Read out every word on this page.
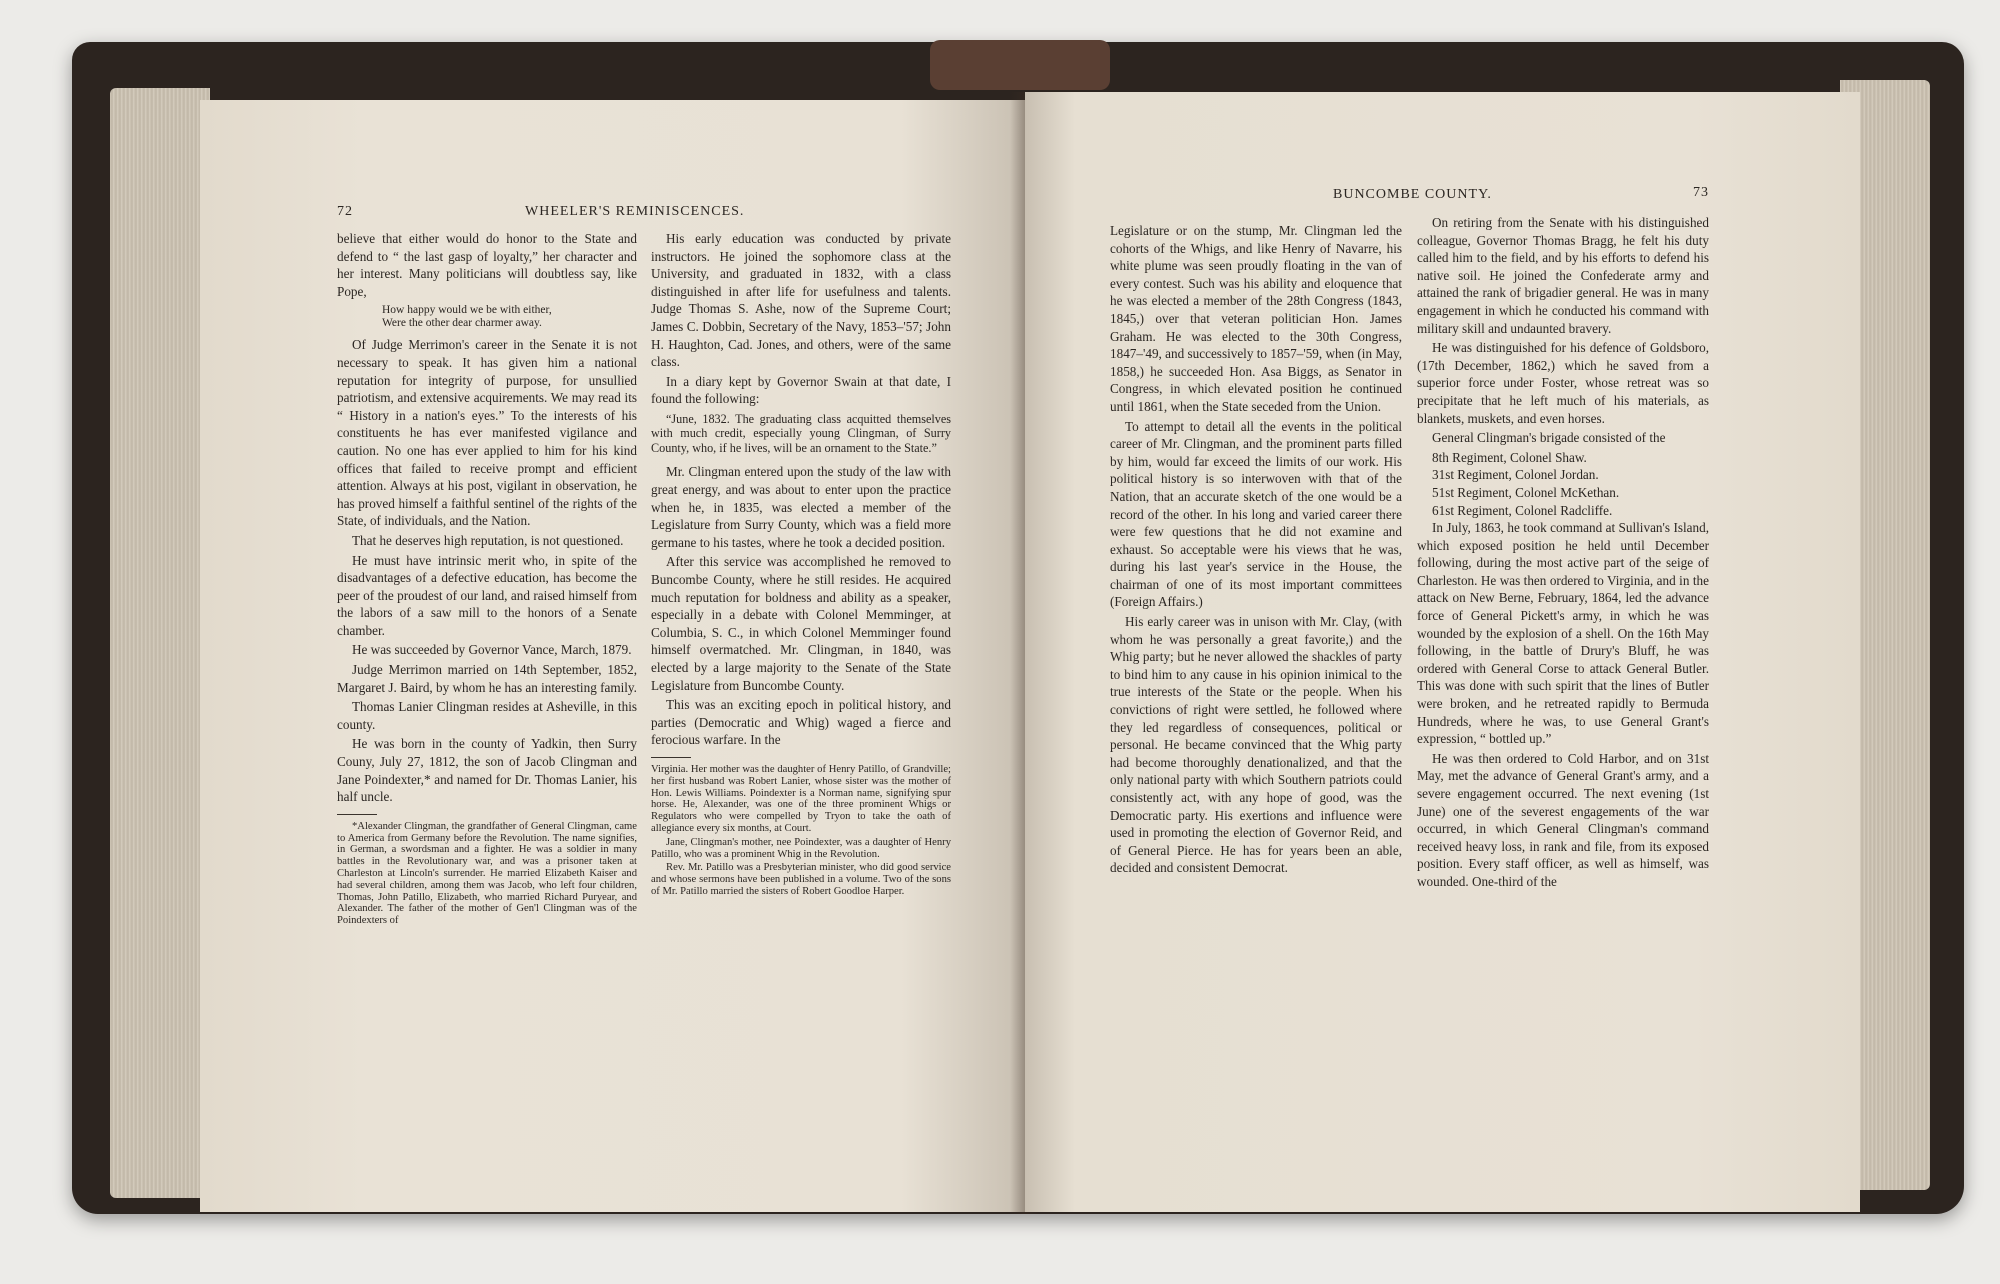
72	WHEELER'S REMINISCENCES.

believe that either would do honor to the State and defend to “ the last gasp of loyalty,” her character and her interest. Many politicians will doubtless say, like Pope,

How happy would we be with either,
Were the other dear charmer away.

Of Judge Merrimon's career in the Senate it is not necessary to speak. It has given him a national reputation for integrity of purpose, for unsullied patriotism, and extensive acquirements. We may read its “ History in a nation's eyes.” To the interests of his constituents he has ever manifested vigilance and caution. No one has ever applied to him for his kind offices that failed to receive prompt and efficient attention. Always at his post, vigilant in observation, he has proved himself a faithful sentinel of the rights of the State, of individuals, and the Nation.

That he deserves high reputation, is not questioned.

He must have intrinsic merit who, in spite of the disadvantages of a defective education, has become the peer of the proudest of our land, and raised himself from the labors of a saw mill to the honors of a Senate chamber.

He was succeeded by Governor Vance, March, 1879.

Judge Merrimon married on 14th September, 1852, Margaret J. Baird, by whom he has an interesting family.

Thomas Lanier Clingman resides at Asheville, in this county.

He was born in the county of Yadkin, then Surry Couny, July 27, 1812, the son of Jacob Clingman and Jane Poindexter,* and named for Dr. Thomas Lanier, his half uncle.

*Alexander Clingman, the grandfather of General Clingman, came to America from Germany before the Revolution. The name signifies, in German, a swordsman and a fighter. He was a soldier in many battles in the Revolutionary war, and was a prisoner taken at Charleston at Lincoln's surrender. He married Elizabeth Kaiser and had several children, among them was Jacob, who left four children, Thomas, John Patillo, Elizabeth, who married Richard Puryear, and Alexander. The father of the mother of Gen'l Clingman was of the Poindexters of

His early education was conducted by private instructors. He joined the sophomore class at the University, and graduated in 1832, with a class distinguished in after life for usefulness and talents. Judge Thomas S. Ashe, now of the Supreme Court; James C. Dobbin, Secretary of the Navy, 1853–'57; John H. Haughton, Cad. Jones, and others, were of the same class.

In a diary kept by Governor Swain at that date, I found the following:

“June, 1832. The graduating class acquitted themselves with much credit, especially young Clingman, of Surry County, who, if he lives, will be an ornament to the State.”

Mr. Clingman entered upon the study of the law with great energy, and was about to enter upon the practice when he, in 1835, was elected a member of the Legislature from Surry County, which was a field more germane to his tastes, where he took a decided position.

After this service was accomplished he removed to Buncombe County, where he still resides. He acquired much reputation for boldness and ability as a speaker, especially in a debate with Colonel Memminger, at Columbia, S. C., in which Colonel Memminger found himself overmatched. Mr. Clingman, in 1840, was elected by a large majority to the Senate of the State Legislature from Buncombe County.

This was an exciting epoch in political history, and parties (Democratic and Whig) waged a fierce and ferocious warfare. In the

Virginia. Her mother was the daughter of Henry Patillo, of Grandville; her first husband was Robert Lanier, whose sister was the mother of Hon. Lewis Williams. Poindexter is a Norman name, signifying spur horse. He, Alexander, was one of the three prominent Whigs or Regulators who were compelled by Tryon to take the oath of allegiance every six months, at Court.

Jane, Clingman's mother, nee Poindexter, was a daughter of Henry Patillo, who was a prominent Whig in the Revolution.

Rev. Mr. Patillo was a Presbyterian minister, who did good service and whose sermons have been published in a volume. Two of the sons of Mr. Patillo married the sisters of Robert Goodloe Harper.

BUNCOMBE COUNTY.	73

Legislature or on the stump, Mr. Clingman led the cohorts of the Whigs, and like Henry of Navarre, his white plume was seen proudly floating in the van of every contest. Such was his ability and eloquence that he was elected a member of the 28th Congress (1843, 1845,) over that veteran politician Hon. James Graham. He was elected to the 30th Congress, 1847–'49, and successively to 1857–'59, when (in May, 1858,) he succeeded Hon. Asa Biggs, as Senator in Congress, in which elevated position he continued until 1861, when the State seceded from the Union.

To attempt to detail all the events in the political career of Mr. Clingman, and the prominent parts filled by him, would far exceed the limits of our work. His political history is so interwoven with that of the Nation, that an accurate sketch of the one would be a record of the other. In his long and varied career there were few questions that he did not examine and exhaust. So acceptable were his views that he was, during his last year's service in the House, the chairman of one of its most important committees (Foreign Affairs.)

His early career was in unison with Mr. Clay, (with whom he was personally a great favorite,) and the Whig party; but he never allowed the shackles of party to bind him to any cause in his opinion inimical to the true interests of the State or the people. When his convictions of right were settled, he followed where they led regardless of consequences, political or personal. He became convinced that the Whig party had become thoroughly denationalized, and that the only national party with which Southern patriots could consistently act, with any hope of good, was the Democratic party. His exertions and influence were used in promoting the election of Governor Reid, and of General Pierce. He has for years been an able, decided and consistent Democrat.

On retiring from the Senate with his distinguished colleague, Governor Thomas Bragg, he felt his duty called him to the field, and by his efforts to defend his native soil. He joined the Confederate army and attained the rank of brigadier general. He was in many engagement in which he conducted his command with military skill and undaunted bravery.

He was distinguished for his defence of Goldsboro, (17th December, 1862,) which he saved from a superior force under Foster, whose retreat was so precipitate that he left much of his materials, as blankets, muskets, and even horses.

General Clingman's brigade consisted of the

8th Regiment, Colonel Shaw.
31st Regiment, Colonel Jordan.
51st Regiment, Colonel McKethan.
61st Regiment, Colonel Radcliffe.

In July, 1863, he took command at Sullivan's Island, which exposed position he held until December following, during the most active part of the seige of Charleston. He was then ordered to Virginia, and in the attack on New Berne, February, 1864, led the advance force of General Pickett's army, in which he was wounded by the explosion of a shell. On the 16th May following, in the battle of Drury's Bluff, he was ordered with General Corse to attack General Butler. This was done with such spirit that the lines of Butler were broken, and he retreated rapidly to Bermuda Hundreds, where he was, to use General Grant's expression, “ bottled up.”

He was then ordered to Cold Harbor, and on 31st May, met the advance of General Grant's army, and a severe engagement occurred. The next evening (1st June) one of the severest engagements of the war occurred, in which General Clingman's command received heavy loss, in rank and file, from its exposed position. Every staff officer, as well as himself, was wounded. One-third of the
